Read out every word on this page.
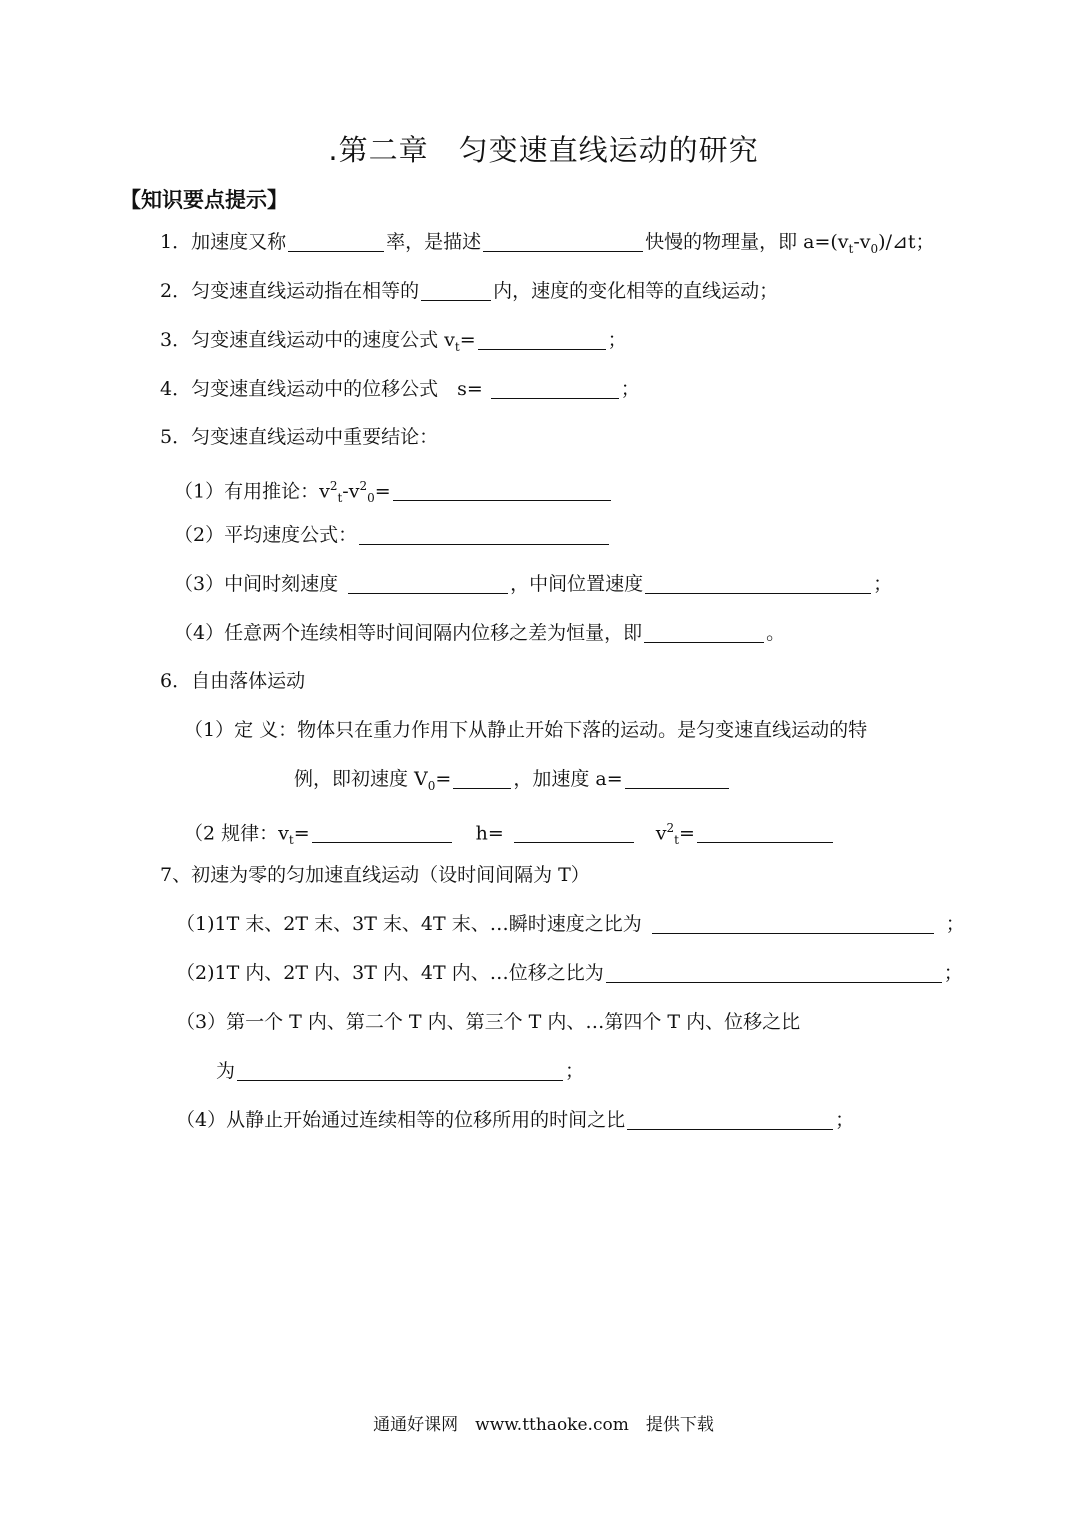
.第二章　匀变速直线运动的研究
【知识要点提示】
1．加速度又称	率，是描述	快慢的物理量，即 $a=(v_t-v_0)/⊿t$；
2．匀变速直线运动指在相等的	内，速度的变化相等的直线运动；
3．匀变速直线运动中的速度公式 $v_t=$	；
4．匀变速直线运动中的位移公式　s=	；
5．匀变速直线运动中重要结论：
（1）有用推论：$v^2_t-v^2_0=$
（2）平均速度公式：
（3）中间时刻速度	，中间位置速度	；
（4）任意两个连续相等时间间隔内位移之差为恒量，即	。
6．自由落体运动
（1）定 义：物体只在重力作用下从静止开始下落的运动。是匀变速直线运动的特
例，即初速度 $V_0=$	，加速度 a=
（2 规律：$v_t=$	h=	$v^2_t=$
7、初速为零的匀加速直线运动（设时间间隔为 T）
（1)1T 末、2T 末、3T 末、4T 末、…瞬时速度之比为	；
（2)1T 内、2T 内、3T 内、4T 内、…位移之比为	；
（3）第一个 T 内、第二个 T 内、第三个 T 内、…第四个 T 内、位移之比
为	；
（4）从静止开始通过连续相等的位移所用的时间之比	；
通通好课网　www.tthaoke.com　提供下载
